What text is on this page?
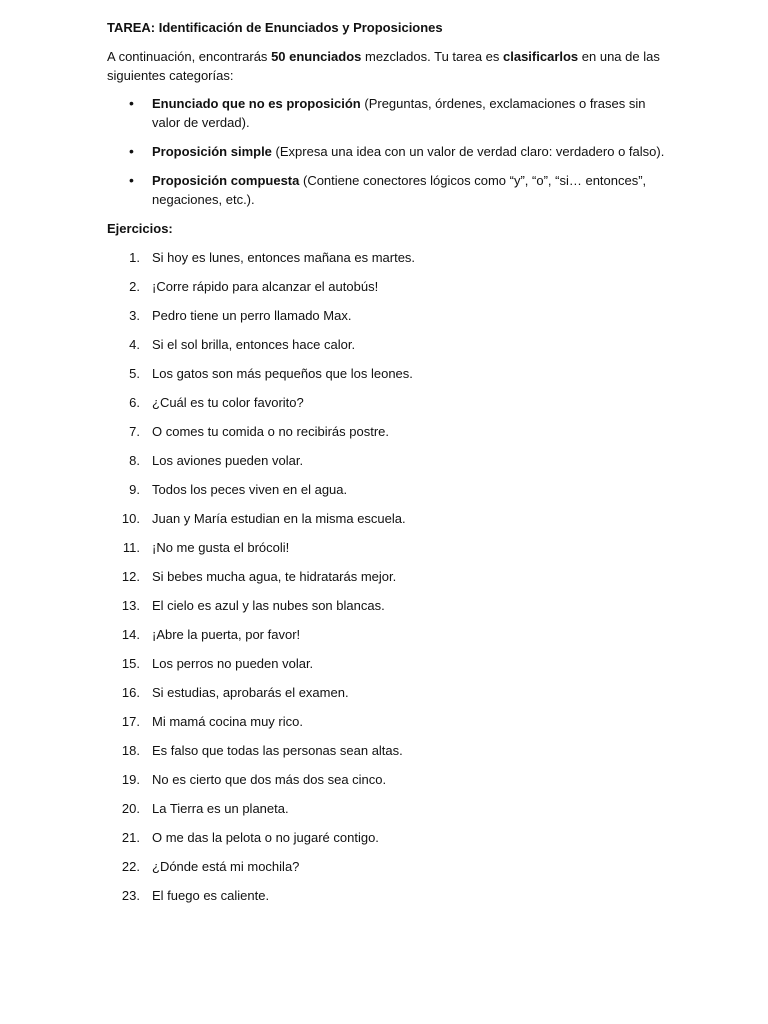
TAREA: Identificación de Enunciados y Proposiciones

A continuación, encontrarás 50 enunciados mezclados. Tu tarea es clasificarlos en una de las siguientes categorías:

• Enunciado que no es proposición (Preguntas, órdenes, exclamaciones o frases sin valor de verdad).
• Proposición simple (Expresa una idea con un valor de verdad claro: verdadero o falso).
• Proposición compuesta (Contiene conectores lógicos como “y”, “o”, “si… entonces”, negaciones, etc.).

Ejercicios:

1. Si hoy es lunes, entonces mañana es martes.
2. ¡Corre rápido para alcanzar el autobús!
3. Pedro tiene un perro llamado Max.
4. Si el sol brilla, entonces hace calor.
5. Los gatos son más pequeños que los leones.
6. ¿Cuál es tu color favorito?
7. O comes tu comida o no recibirás postre.
8. Los aviones pueden volar.
9. Todos los peces viven en el agua.
10. Juan y María estudian en la misma escuela.
11. ¡No me gusta el brócoli!
12. Si bebes mucha agua, te hidratarás mejor.
13. El cielo es azul y las nubes son blancas.
14. ¡Abre la puerta, por favor!
15. Los perros no pueden volar.
16. Si estudias, aprobarás el examen.
17. Mi mamá cocina muy rico.
18. Es falso que todas las personas sean altas.
19. No es cierto que dos más dos sea cinco.
20. La Tierra es un planeta.
21. O me das la pelota o no jugaré contigo.
22. ¿Dónde está mi mochila?
23. El fuego es caliente.
